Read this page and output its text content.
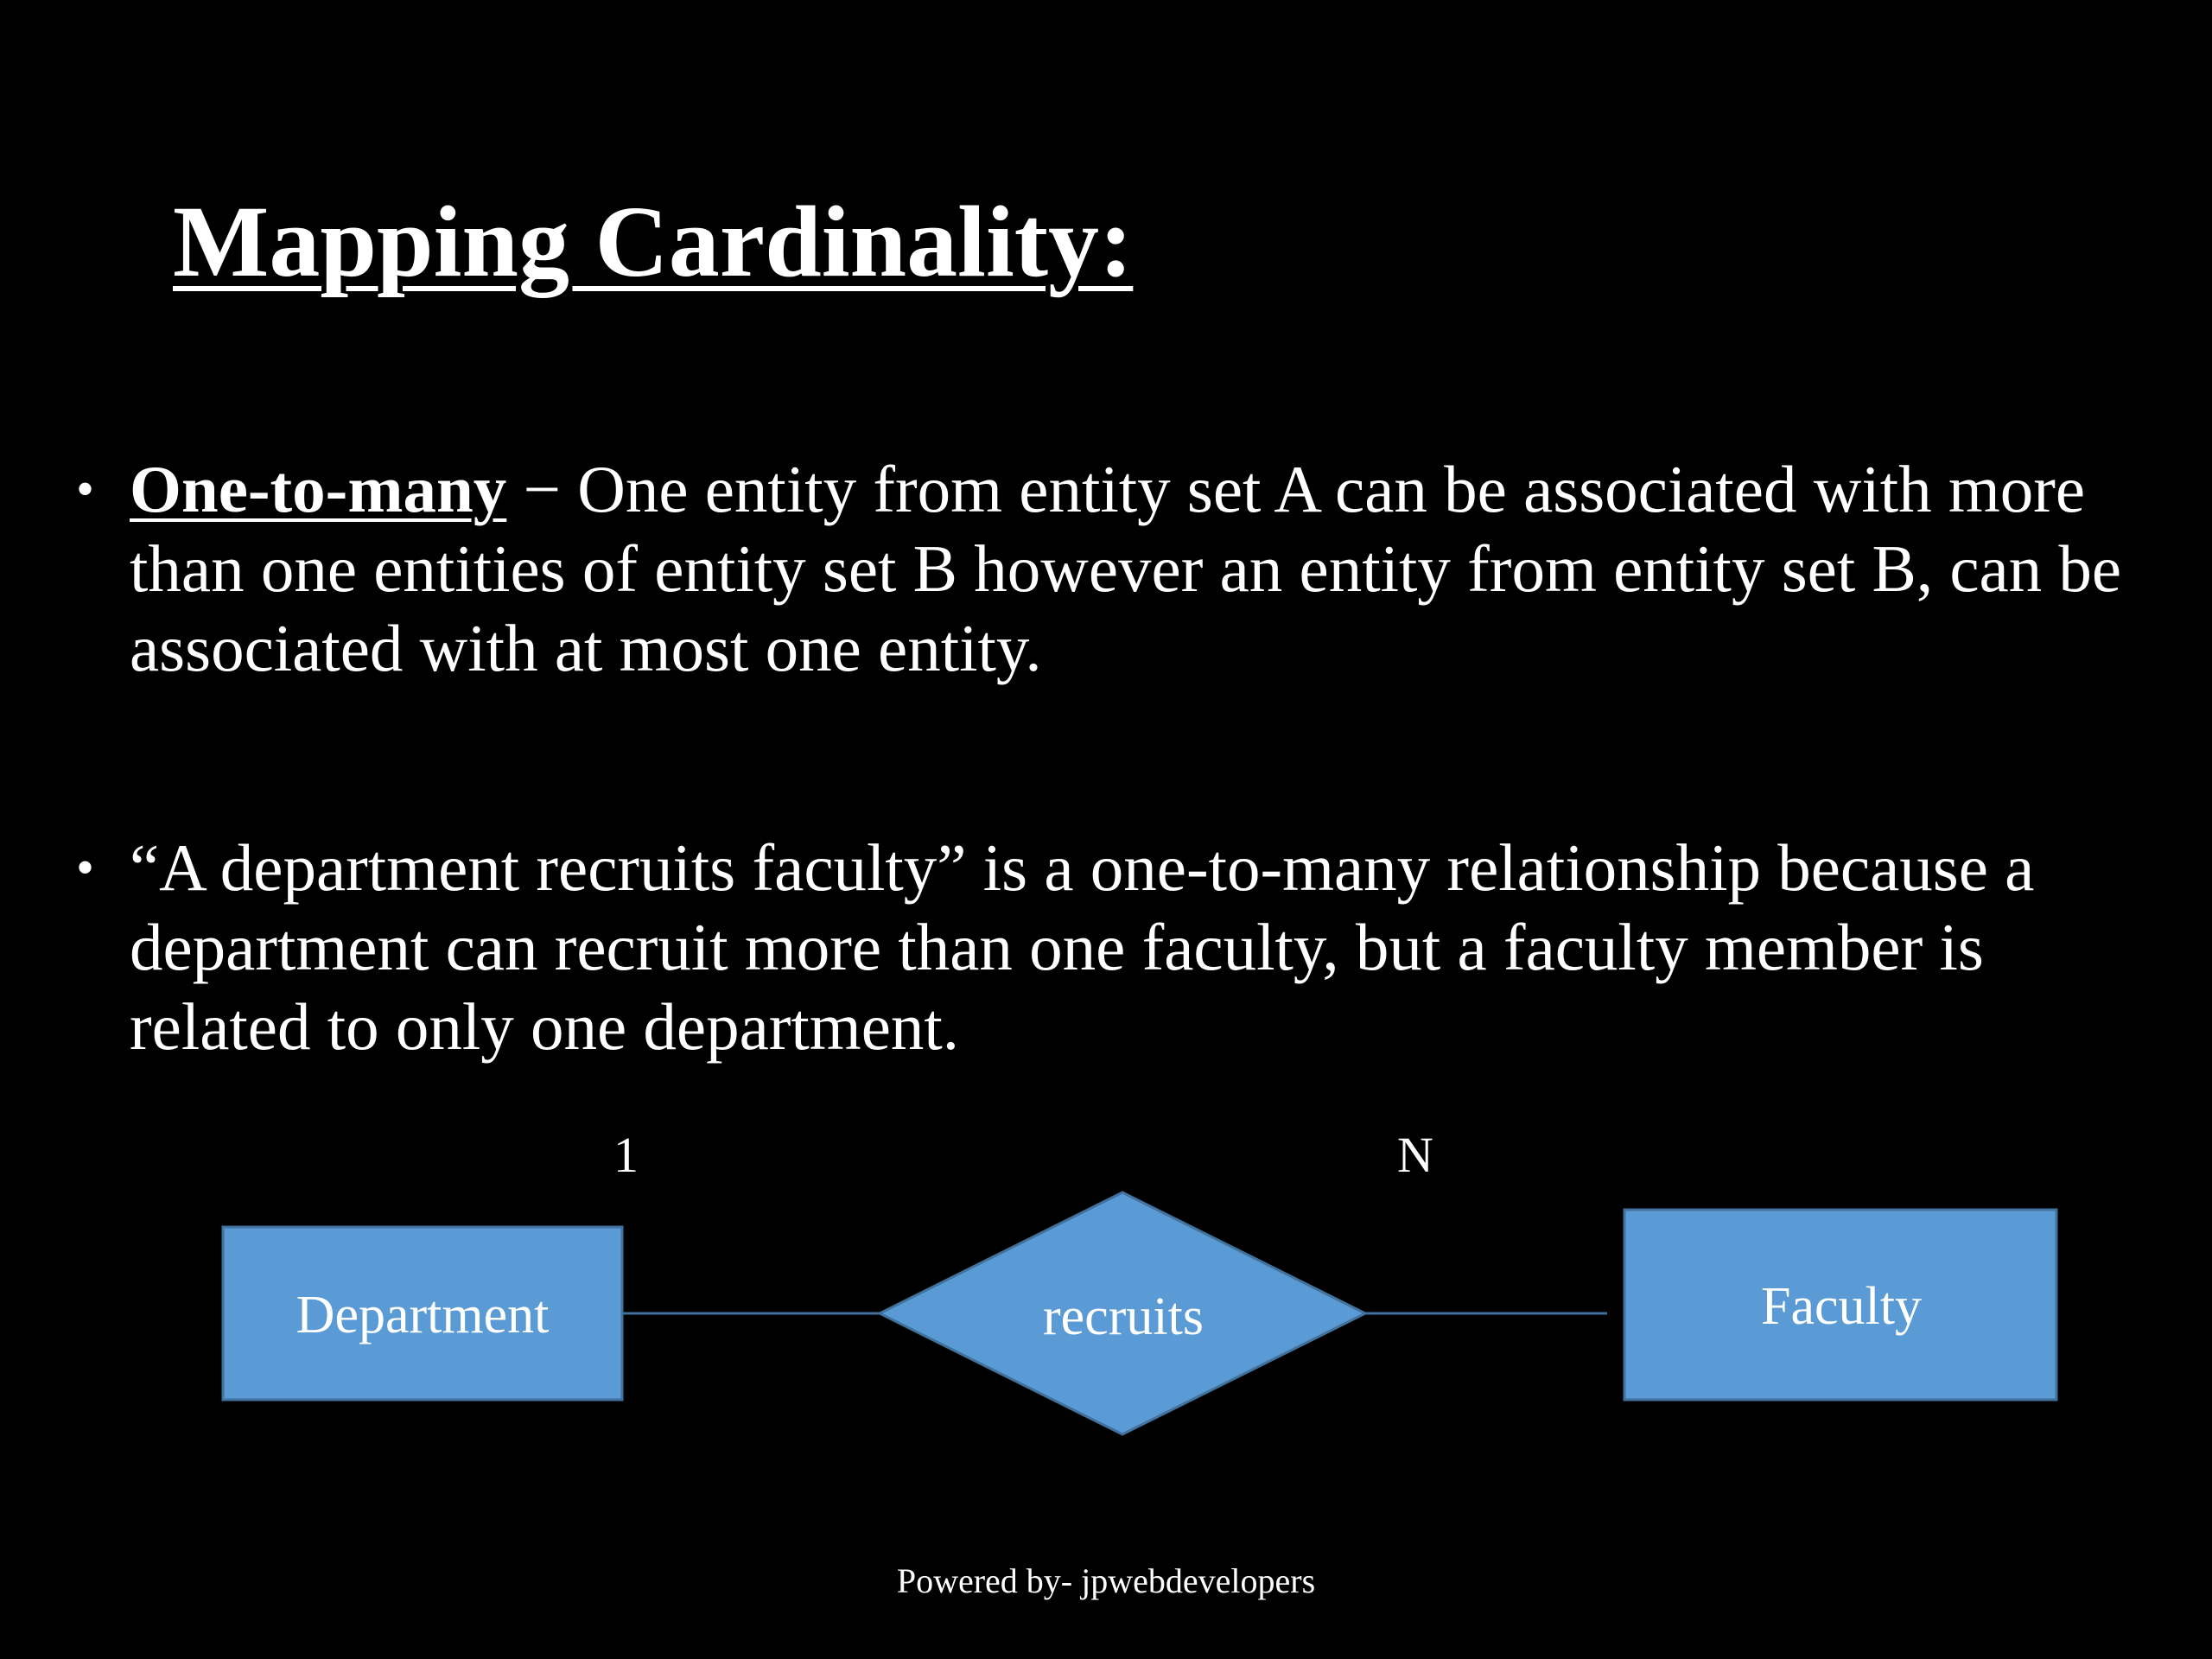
Mapping Cardinality:

• One-to-many − One entity from entity set A can be associated with more than one entities of entity set B however an entity from entity set B, can be associated with at most one entity.

• “A department recruits faculty” is a one-to-many relationship because a department can recruit more than one faculty, but a faculty member is related to only one department.

1	N
Department	recruits	Faculty
Powered by- jpwebdevelopers
